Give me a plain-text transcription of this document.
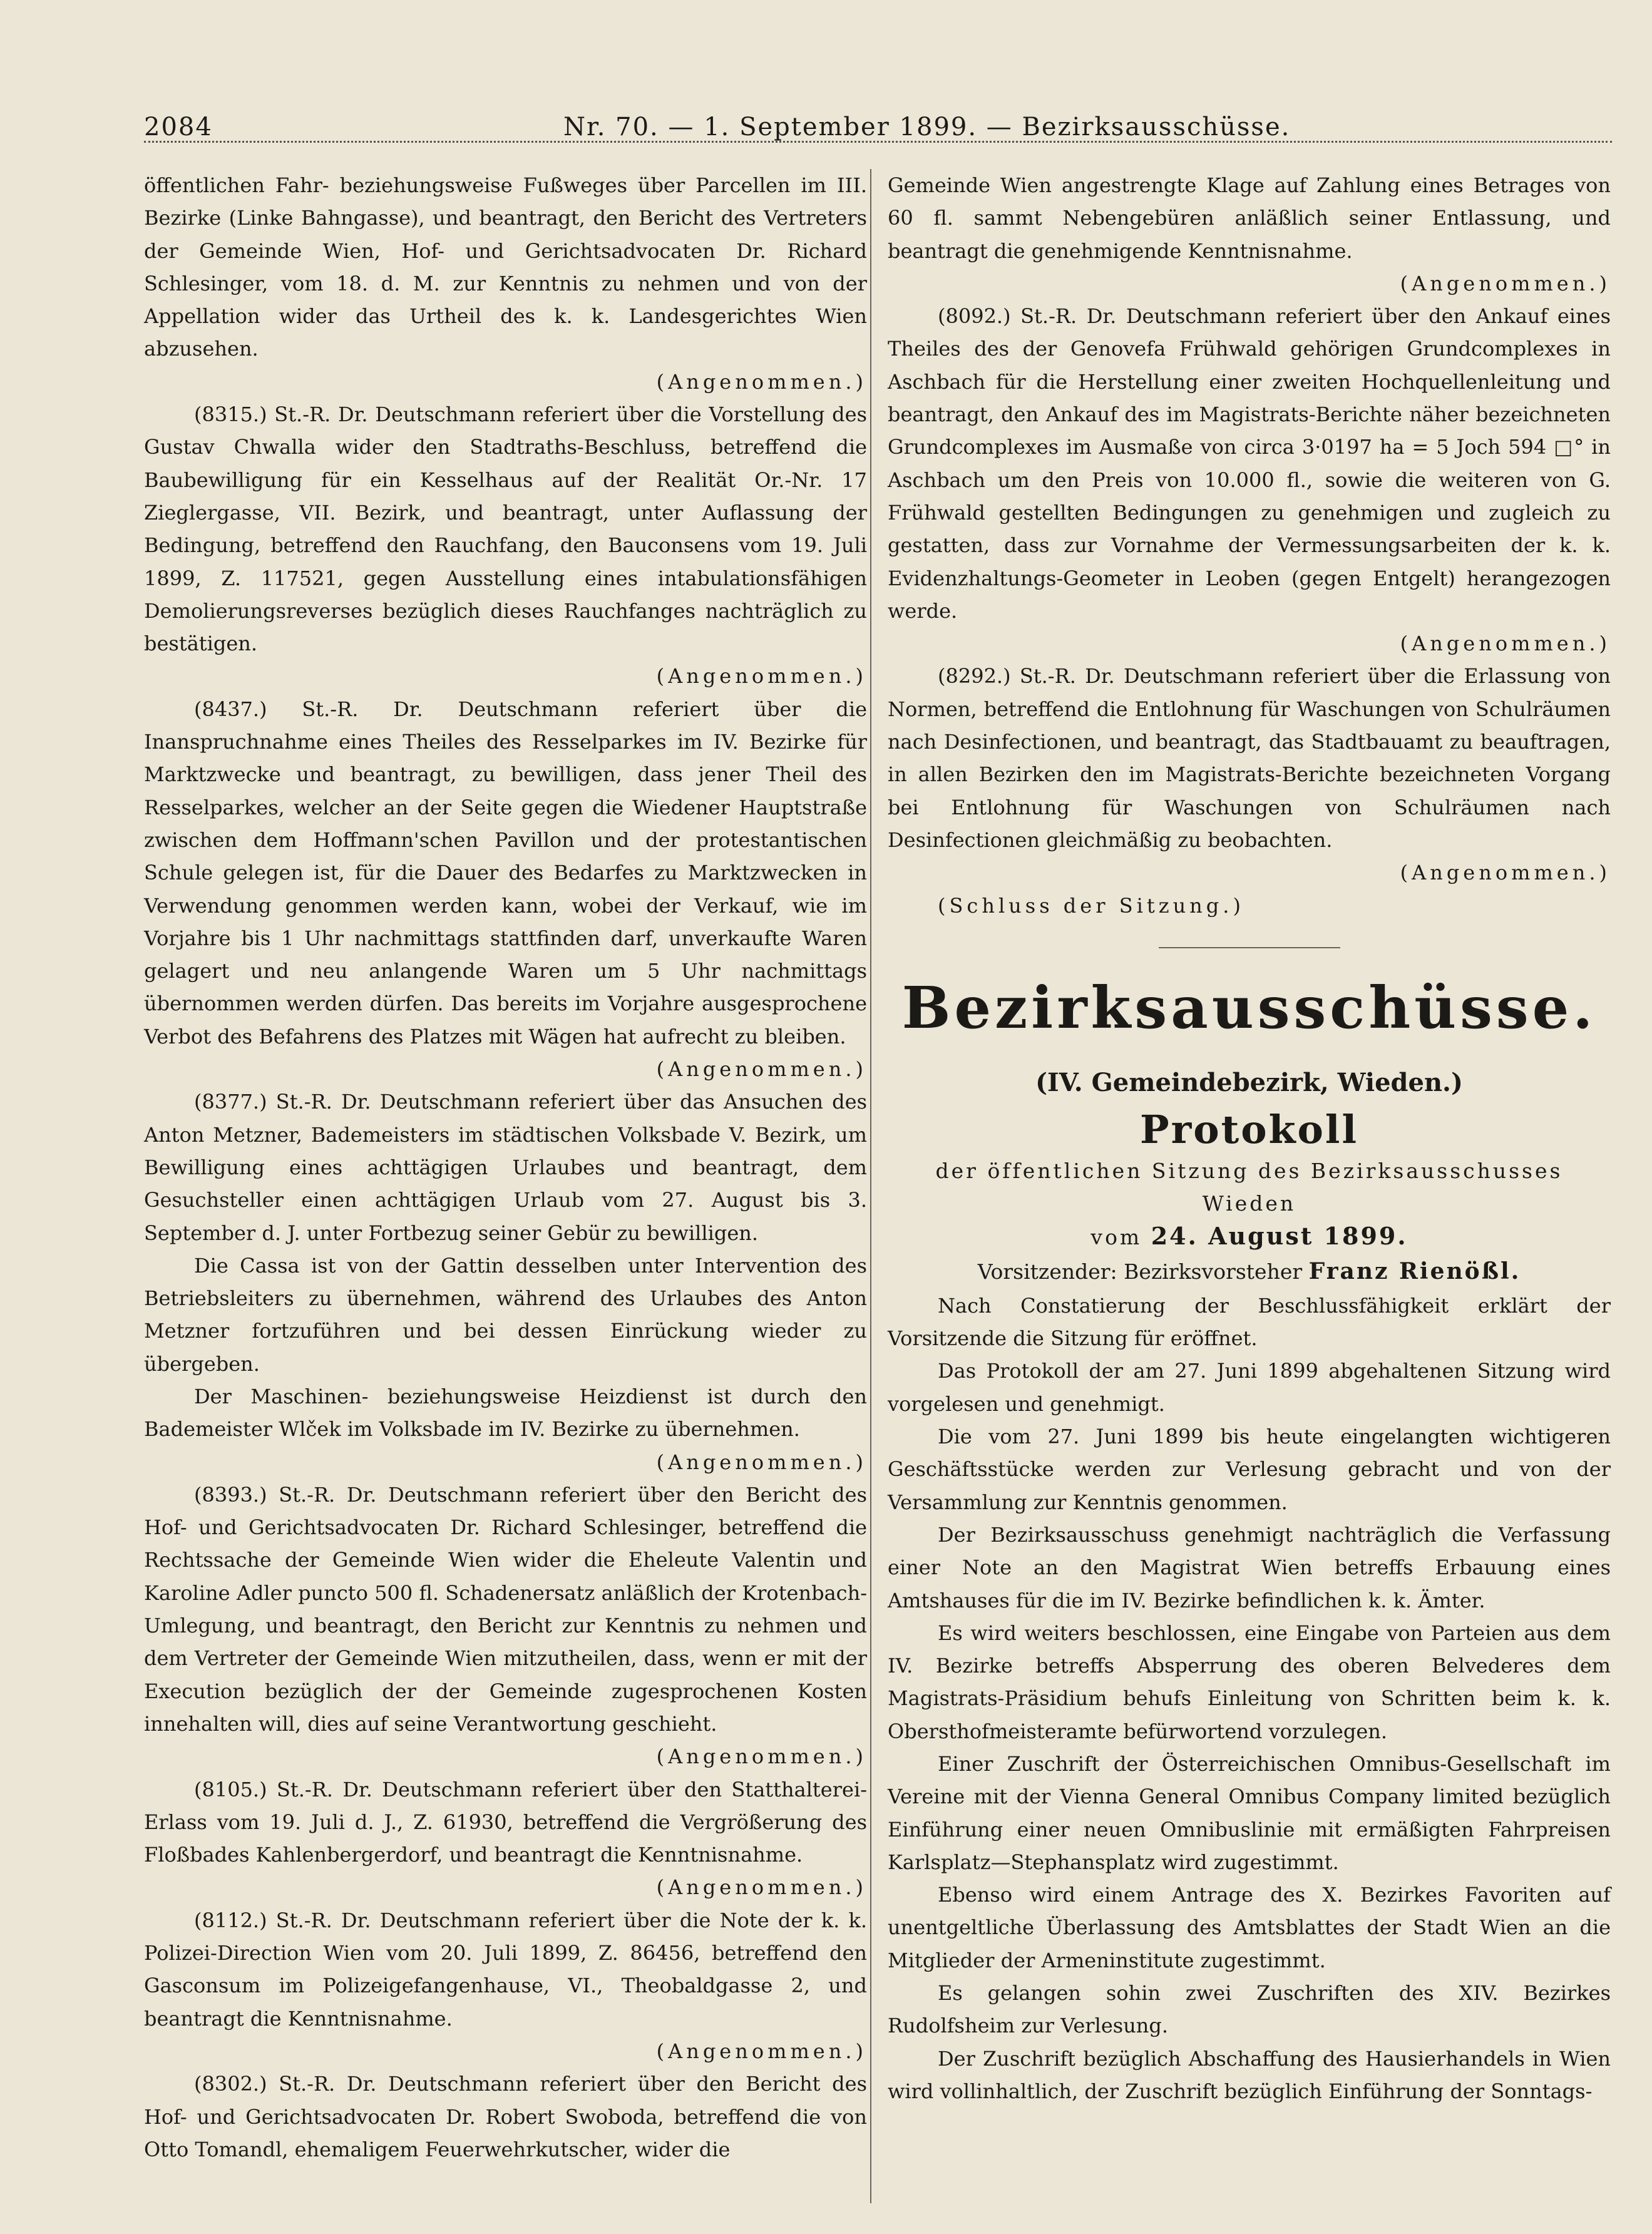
2084	Nr. 70. — 1. September 1899. — Bezirksausschüsse.

öffentlichen Fahr- beziehungsweise Fußweges über Parcellen im III. Bezirke (Linke Bahngasse), und beantragt, den Bericht des Vertreters der Gemeinde Wien, Hof- und Gerichtsadvocaten Dr. Richard Schlesinger, vom 18. d. M. zur Kenntnis zu nehmen und von der Appellation wider das Urtheil des k. k. Landesgerichtes Wien abzusehen.

(Angenommen.)

(8315.) St.-R. Dr. Deutschmann referiert über die Vorstellung des Gustav Chwalla wider den Stadtraths-Beschluss, betreffend die Baubewilligung für ein Kesselhaus auf der Realität Or.-Nr. 17 Zieglergasse, VII. Bezirk, und beantragt, unter Auflassung der Bedingung, betreffend den Rauchfang, den Bauconsens vom 19. Juli 1899, Z. 117521, gegen Ausstellung eines intabulationsfähigen Demolierungsreverses bezüglich dieses Rauchfanges nachträglich zu bestätigen.

(Angenommen.)

(8437.) St.-R. Dr. Deutschmann referiert über die Inanspruchnahme eines Theiles des Resselparkes im IV. Bezirke für Marktzwecke und beantragt, zu bewilligen, dass jener Theil des Resselparkes, welcher an der Seite gegen die Wiedener Hauptstraße zwischen dem Hoffmann'schen Pavillon und der protestantischen Schule gelegen ist, für die Dauer des Bedarfes zu Marktzwecken in Verwendung genommen werden kann, wobei der Verkauf, wie im Vorjahre bis 1 Uhr nachmittags stattfinden darf, unverkaufte Waren gelagert und neu anlangende Waren um 5 Uhr nachmittags übernommen werden dürfen. Das bereits im Vorjahre ausgesprochene Verbot des Befahrens des Platzes mit Wägen hat aufrecht zu bleiben.

(Angenommen.)

(8377.) St.-R. Dr. Deutschmann referiert über das Ansuchen des Anton Metzner, Bademeisters im städtischen Volksbade V. Bezirk, um Bewilligung eines achttägigen Urlaubes und beantragt, dem Gesuchsteller einen achttägigen Urlaub vom 27. August bis 3. September d. J. unter Fortbezug seiner Gebür zu bewilligen.

Die Cassa ist von der Gattin desselben unter Intervention des Betriebsleiters zu übernehmen, während des Urlaubes des Anton Metzner fortzuführen und bei dessen Einrückung wieder zu übergeben.

Der Maschinen- beziehungsweise Heizdienst ist durch den Bademeister Wlček im Volksbade im IV. Bezirke zu übernehmen.

(Angenommen.)

(8393.) St.-R. Dr. Deutschmann referiert über den Bericht des Hof- und Gerichtsadvocaten Dr. Richard Schlesinger, betreffend die Rechtssache der Gemeinde Wien wider die Eheleute Valentin und Karoline Adler puncto 500 fl. Schadenersatz anläßlich der Krotenbach-Umlegung, und beantragt, den Bericht zur Kenntnis zu nehmen und dem Vertreter der Gemeinde Wien mitzutheilen, dass, wenn er mit der Execution bezüglich der der Gemeinde zugesprochenen Kosten innehalten will, dies auf seine Verantwortung geschieht.

(Angenommen.)

(8105.) St.-R. Dr. Deutschmann referiert über den Statthalterei-Erlass vom 19. Juli d. J., Z. 61930, betreffend die Vergrößerung des Floßbades Kahlenbergerdorf, und beantragt die Kenntnisnahme.

(Angenommen.)

(8112.) St.-R. Dr. Deutschmann referiert über die Note der k. k. Polizei-Direction Wien vom 20. Juli 1899, Z. 86456, betreffend den Gasconsum im Polizeigefangenhause, VI., Theobaldgasse 2, und beantragt die Kenntnisnahme.

(Angenommen.)

(8302.) St.-R. Dr. Deutschmann referiert über den Bericht des Hof- und Gerichtsadvocaten Dr. Robert Swoboda, betreffend die von Otto Tomandl, ehemaligem Feuerwehrkutscher, wider die

Gemeinde Wien angestrengte Klage auf Zahlung eines Betrages von 60 fl. sammt Nebengebüren anläßlich seiner Entlassung, und beantragt die genehmigende Kenntnisnahme.

(Angenommen.)

(8092.) St.-R. Dr. Deutschmann referiert über den Ankauf eines Theiles des der Genovefa Frühwald gehörigen Grundcomplexes in Aschbach für die Herstellung einer zweiten Hochquellenleitung und beantragt, den Ankauf des im Magistrats-Berichte näher bezeichneten Grundcomplexes im Ausmaße von circa 3·0197 ha = 5 Joch 594 □° in Aschbach um den Preis von 10.000 fl., sowie die weiteren von G. Frühwald gestellten Bedingungen zu genehmigen und zugleich zu gestatten, dass zur Vornahme der Vermessungsarbeiten der k. k. Evidenzhaltungs-Geometer in Leoben (gegen Entgelt) herangezogen werde.

(Angenommen.)

(8292.) St.-R. Dr. Deutschmann referiert über die Erlassung von Normen, betreffend die Entlohnung für Waschungen von Schulräumen nach Desinfectionen, und beantragt, das Stadtbauamt zu beauftragen, in allen Bezirken den im Magistrats-Berichte bezeichneten Vorgang bei Entlohnung für Waschungen von Schulräumen nach Desinfectionen gleichmäßig zu beobachten.

(Angenommen.)

(Schluss der Sitzung.)

Bezirksausschüsse.
(IV. Gemeindebezirk, Wieden.)
Protokoll
der öffentlichen Sitzung des Bezirksausschusses Wieden
vom 24. August 1899.
Vorsitzender: Bezirksvorsteher Franz Rienößl.

Nach Constatierung der Beschlussfähigkeit erklärt der Vorsitzende die Sitzung für eröffnet.

Das Protokoll der am 27. Juni 1899 abgehaltenen Sitzung wird vorgelesen und genehmigt.

Die vom 27. Juni 1899 bis heute eingelangten wichtigeren Geschäftsstücke werden zur Verlesung gebracht und von der Versammlung zur Kenntnis genommen.

Der Bezirksausschuss genehmigt nachträglich die Verfassung einer Note an den Magistrat Wien betreffs Erbauung eines Amtshauses für die im IV. Bezirke befindlichen k. k. Ämter.

Es wird weiters beschlossen, eine Eingabe von Parteien aus dem IV. Bezirke betreffs Absperrung des oberen Belvederes dem Magistrats-Präsidium behufs Einleitung von Schritten beim k. k. Obersthofmeisteramte befürwortend vorzulegen.

Einer Zuschrift der Österreichischen Omnibus-Gesellschaft im Vereine mit der Vienna General Omnibus Company limited bezüglich Einführung einer neuen Omnibuslinie mit ermäßigten Fahrpreisen Karlsplatz—Stephansplatz wird zugestimmt.

Ebenso wird einem Antrage des X. Bezirkes Favoriten auf unentgeltliche Überlassung des Amtsblattes der Stadt Wien an die Mitglieder der Armeninstitute zugestimmt.

Es gelangen sohin zwei Zuschriften des XIV. Bezirkes Rudolfsheim zur Verlesung.

Der Zuschrift bezüglich Abschaffung des Hausierhandels in Wien wird vollinhaltlich, der Zuschrift bezüglich Einführung der Sonntags-
